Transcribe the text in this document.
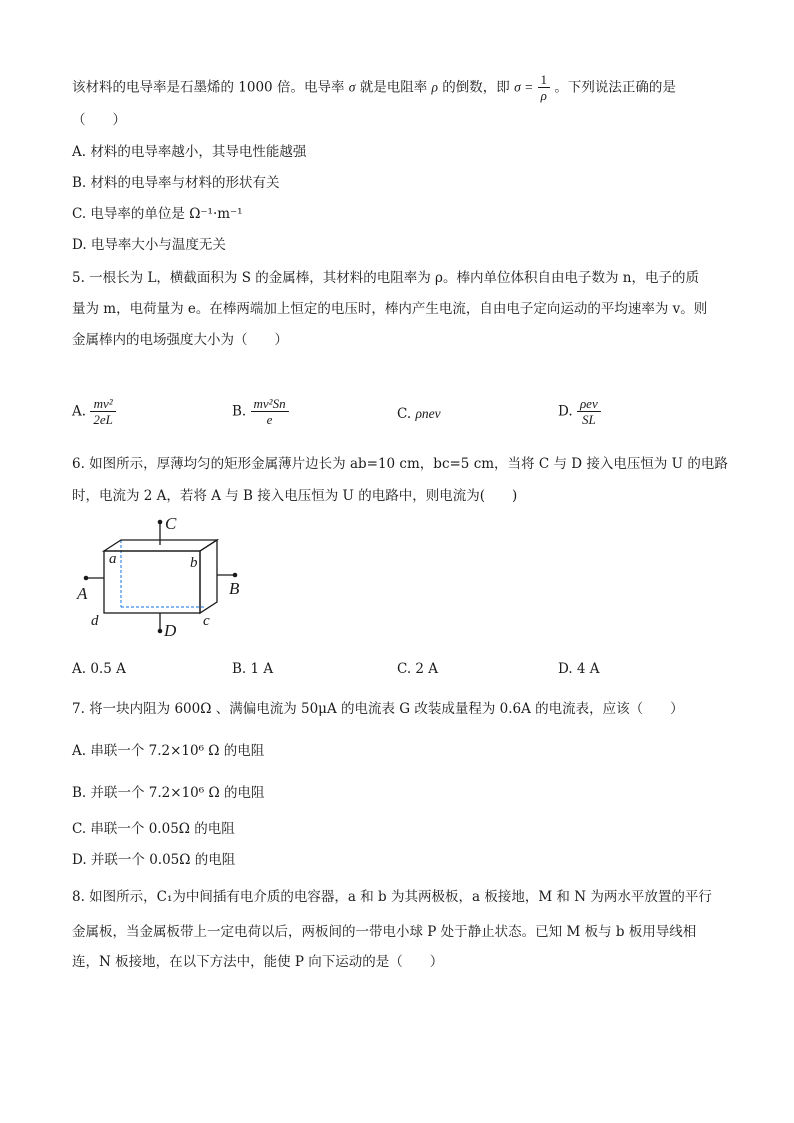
该材料的电导率是石墨烯的 1000 倍。电导率 σ 就是电阻率 ρ 的倒数，即 $\sigma = \frac{1}{\rho}$ 。下列说法正确的是
（　　）
A. 材料的电导率越小，其导电性能越强
B. 材料的电导率与材料的形状有关
C. 电导率的单位是 Ω⁻¹·m⁻¹
D. 电导率大小与温度无关
5. 一根长为 L，横截面积为 S 的金属棒，其材料的电阻率为 ρ。棒内单位体积自由电子数为 n，电子的质
量为 m，电荷量为 e。在棒两端加上恒定的电压时，棒内产生电流，自由电子定向运动的平均速率为 v。则
金属棒内的电场强度大小为（　　）
A. $\frac{\text{mv²}}{2eL}$	B. $\frac{\text{mv²Sn}}{e}$	C. ρnev	D. $\frac{\text{ρev}}{SL}$
6. 如图所示，厚薄均匀的矩形金属薄片边长为 ab=10 cm，bc=5 cm，当将 C 与 D 接入电压恒为 U 的电路
时，电流为 2 A，若将 A 与 B 接入电压恒为 U 的电路中，则电流为(　　)
C
D
A	B
a	b
c
d
A. 0.5 A	B. 1 A	C. 2 A	D. 4 A
7. 将一块内阻为 600Ω 、满偏电流为 50μA 的电流表 G 改装成量程为 0.6A 的电流表，应该（　　）
A. 串联一个 7.2×10⁶ Ω 的电阻
B. 并联一个 7.2×10⁶ Ω 的电阻
C. 串联一个 0.05Ω 的电阻
D. 并联一个 0.05Ω 的电阻
8. 如图所示，C₁为中间插有电介质的电容器，a 和 b 为其两极板，a 板接地，M 和 N 为两水平放置的平行
金属板，当金属板带上一定电荷以后，两板间的一带电小球 P 处于静止状态。已知 M 板与 b 板用导线相
连，N 板接地，在以下方法中，能使 P 向下运动的是（　　）
